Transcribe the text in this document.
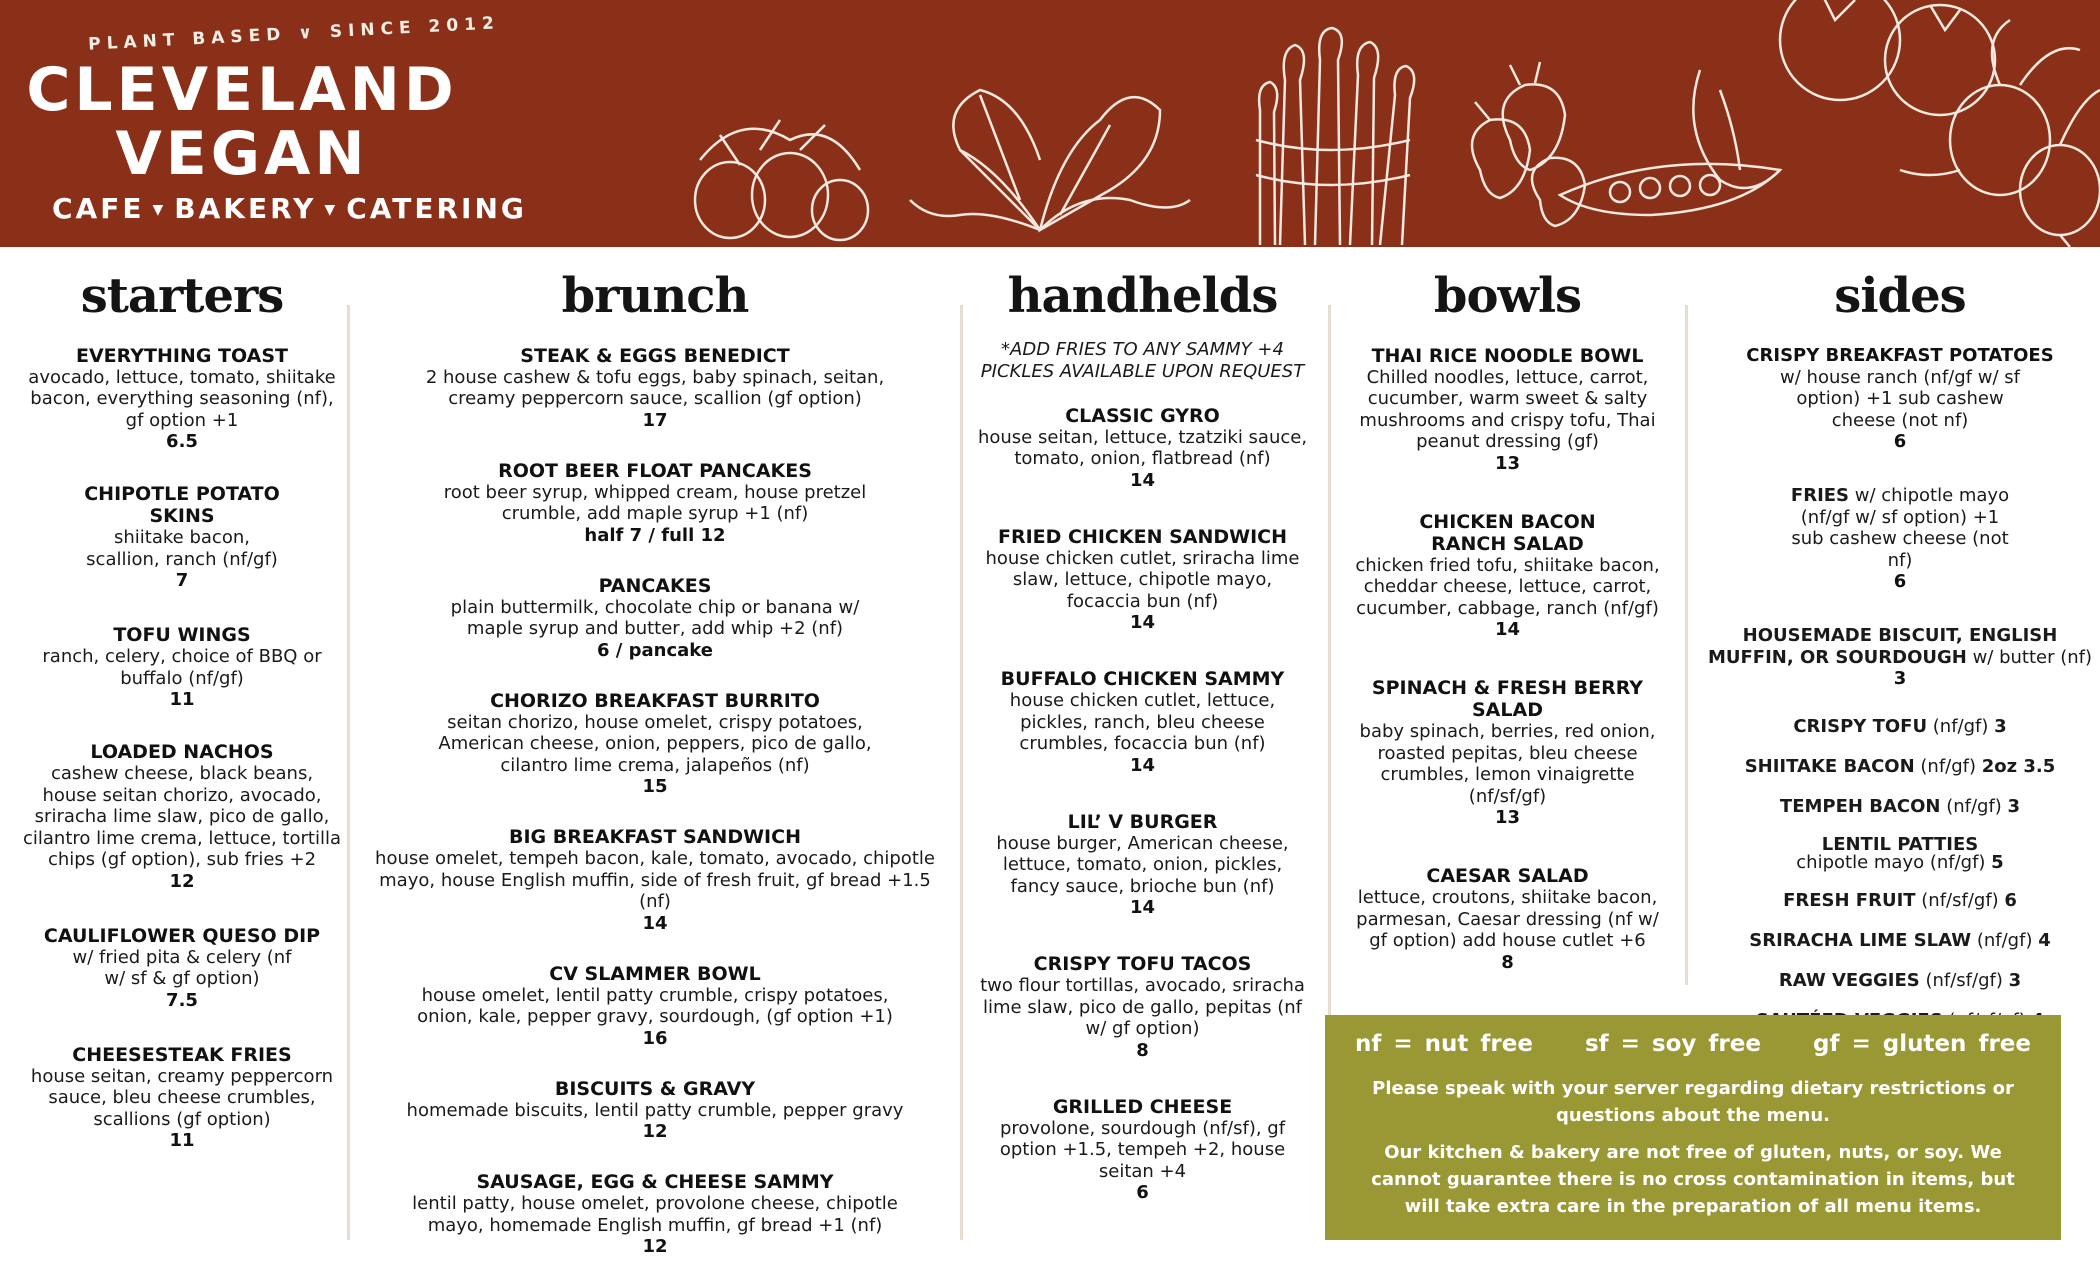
PLANT BASED ∨ SINCE 2012
CLEVELAND
VEGAN
CAFE ▼ BAKERY ▼ CATERING
starters
EVERYTHING TOAST
avocado, lettuce, tomato, shiitake bacon, everything seasoning (nf), gf option +1
6.5
CHIPOTLE POTATO SKINS
shiitake bacon, scallion, ranch (nf/gf)
7
TOFU WINGS
ranch, celery, choice of BBQ or buffalo (nf/gf)
11
LOADED NACHOS
cashew cheese, black beans, house seitan chorizo, avocado, sriracha lime slaw, pico de gallo, cilantro lime crema, lettuce, tortilla chips (gf option), sub fries +2
12
CAULIFLOWER QUESO DIP
w/ fried pita & celery (nf w/ sf & gf option)
7.5
CHEESESTEAK FRIES
house seitan, creamy peppercorn sauce, bleu cheese crumbles, scallions (gf option)
11
brunch
STEAK & EGGS BENEDICT
2 house cashew & tofu eggs, baby spinach, seitan, creamy peppercorn sauce, scallion (gf option)
17
ROOT BEER FLOAT PANCAKES
root beer syrup, whipped cream, house pretzel crumble, add maple syrup +1 (nf)
half 7 / full 12
PANCAKES
plain buttermilk, chocolate chip or banana w/ maple syrup and butter, add whip +2 (nf)
6 / pancake
CHORIZO BREAKFAST BURRITO
seitan chorizo, house omelet, crispy potatoes, American cheese, onion, peppers, pico de gallo, cilantro lime crema, jalapeños (nf)
15
BIG BREAKFAST SANDWICH
house omelet, tempeh bacon, kale, tomato, avocado, chipotle mayo, house English muffin, side of fresh fruit, gf bread +1.5 (nf)
14
CV SLAMMER BOWL
house omelet, lentil patty crumble, crispy potatoes, onion, kale, pepper gravy, sourdough, (gf option +1)
16
BISCUITS & GRAVY
homemade biscuits, lentil patty crumble, pepper gravy
12
SAUSAGE, EGG & CHEESE SAMMY
lentil patty, house omelet, provolone cheese, chipotle mayo, homemade English muffin, gf bread +1 (nf)
12
handhelds
*ADD FRIES TO ANY SAMMY +4
PICKLES AVAILABLE UPON REQUEST
CLASSIC GYRO
house seitan, lettuce, tzatziki sauce, tomato, onion, flatbread (nf)
14
FRIED CHICKEN SANDWICH
house chicken cutlet, sriracha lime slaw, lettuce, chipotle mayo, focaccia bun (nf)
14
BUFFALO CHICKEN SAMMY
house chicken cutlet, lettuce, pickles, ranch, bleu cheese crumbles, focaccia bun (nf)
14
LIL’ V BURGER
house burger, American cheese, lettuce, tomato, onion, pickles, fancy sauce, brioche bun (nf)
14
CRISPY TOFU TACOS
two flour tortillas, avocado, sriracha lime slaw, pico de gallo, pepitas (nf w/ gf option)
8
GRILLED CHEESE
provolone, sourdough (nf/sf), gf option +1.5, tempeh +2, house seitan +4
6
bowls
THAI RICE NOODLE BOWL
Chilled noodles, lettuce, carrot, cucumber, warm sweet & salty mushrooms and crispy tofu, Thai peanut dressing (gf)
13
CHICKEN BACON RANCH SALAD
chicken fried tofu, shiitake bacon, cheddar cheese, lettuce, carrot, cucumber, cabbage, ranch (nf/gf)
14
SPINACH & FRESH BERRY SALAD
baby spinach, berries, red onion, roasted pepitas, bleu cheese crumbles, lemon vinaigrette (nf/sf/gf)
13
CAESAR SALAD
lettuce, croutons, shiitake bacon, parmesan, Caesar dressing (nf w/ gf option) add house cutlet +6
8
sides
CRISPY BREAKFAST POTATOES
w/ house ranch (nf/gf w/ sf option) +1 sub cashew cheese (not nf)
6
FRIES w/ chipotle mayo
(nf/gf w/ sf option) +1 sub cashew cheese (not nf)
6
HOUSEMADE BISCUIT, ENGLISH MUFFIN, OR SOURDOUGH w/ butter (nf)
3
CRISPY TOFU (nf/gf) 3
SHIITAKE BACON (nf/gf) 2oz 3.5
TEMPEH BACON (nf/gf) 3
LENTIL PATTIES
chipotle mayo (nf/gf) 5
FRESH FRUIT (nf/sf/gf) 6
SRIRACHA LIME SLAW (nf/gf) 4
RAW VEGGIES (nf/sf/gf) 3
nf = nut free sf = soy free gf = gluten free
Please speak with your server regarding dietary restrictions or questions about the menu.
Our kitchen & bakery are not free of gluten, nuts, or soy. We cannot guarantee there is no cross contamination in items, but will take extra care in the preparation of all menu items.
